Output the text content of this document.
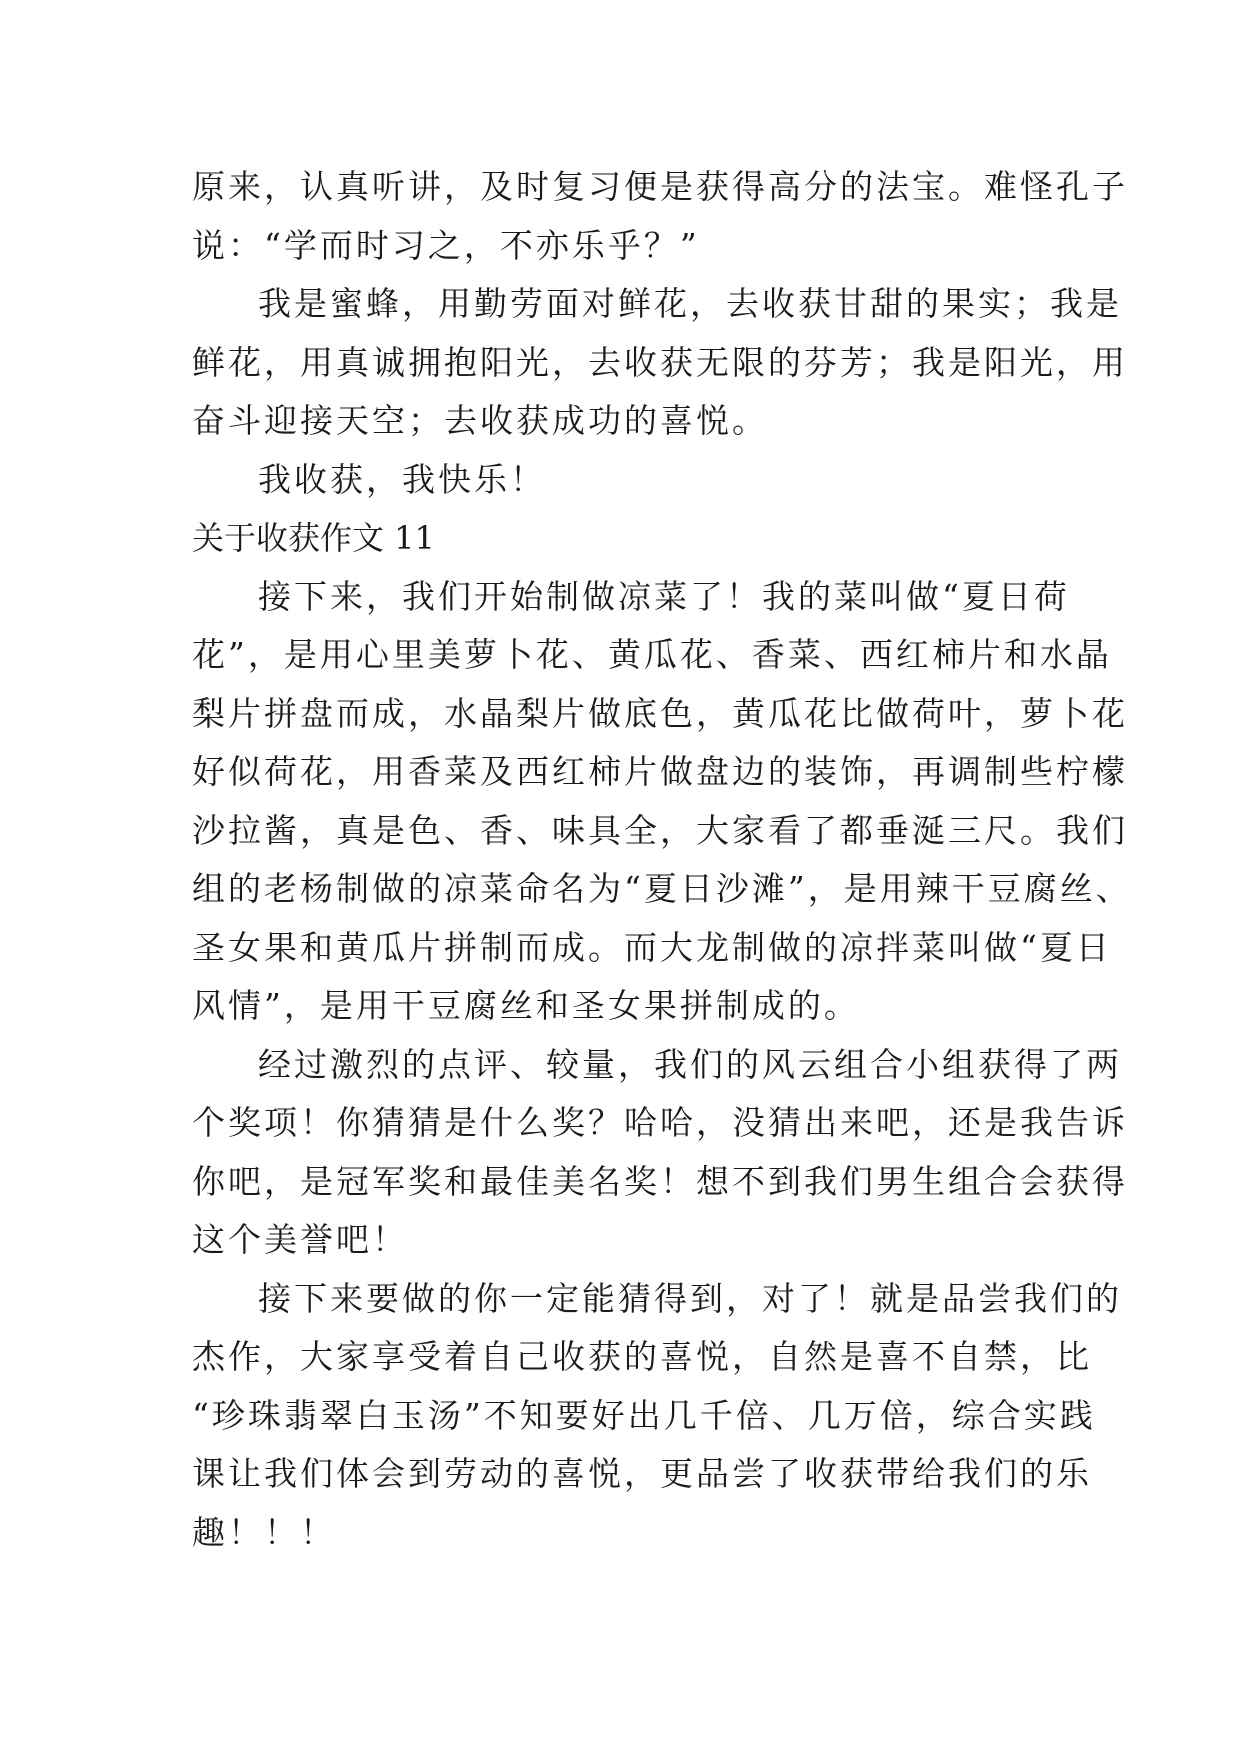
原来，认真听讲，及时复习便是获得高分的法宝。难怪孔子
说：“学而时习之，不亦乐乎？”
我是蜜蜂，用勤劳面对鲜花，去收获甘甜的果实；我是
鲜花，用真诚拥抱阳光，去收获无限的芬芳；我是阳光，用
奋斗迎接天空；去收获成功的喜悦。
我收获，我快乐！
关于收获作文 11
接下来，我们开始制做凉菜了！我的菜叫做“夏日荷
花”，是用心里美萝卜花、黄瓜花、香菜、西红柿片和水晶
梨片拼盘而成，水晶梨片做底色，黄瓜花比做荷叶，萝卜花
好似荷花，用香菜及西红柿片做盘边的装饰，再调制些柠檬
沙拉酱，真是色、香、味具全，大家看了都垂涎三尺。我们
组的老杨制做的凉菜命名为“夏日沙滩”，是用辣干豆腐丝、
圣女果和黄瓜片拼制而成。而大龙制做的凉拌菜叫做“夏日
风情”，是用干豆腐丝和圣女果拼制成的。
经过激烈的点评、较量，我们的风云组合小组获得了两
个奖项！你猜猜是什么奖？哈哈，没猜出来吧，还是我告诉
你吧，是冠军奖和最佳美名奖！想不到我们男生组合会获得
这个美誉吧！
接下来要做的你一定能猜得到，对了！就是品尝我们的
杰作，大家享受着自己收获的喜悦，自然是喜不自禁，比
“珍珠翡翠白玉汤”不知要好出几千倍、几万倍，综合实践
课让我们体会到劳动的喜悦，更品尝了收获带给我们的乐
趣！！！
